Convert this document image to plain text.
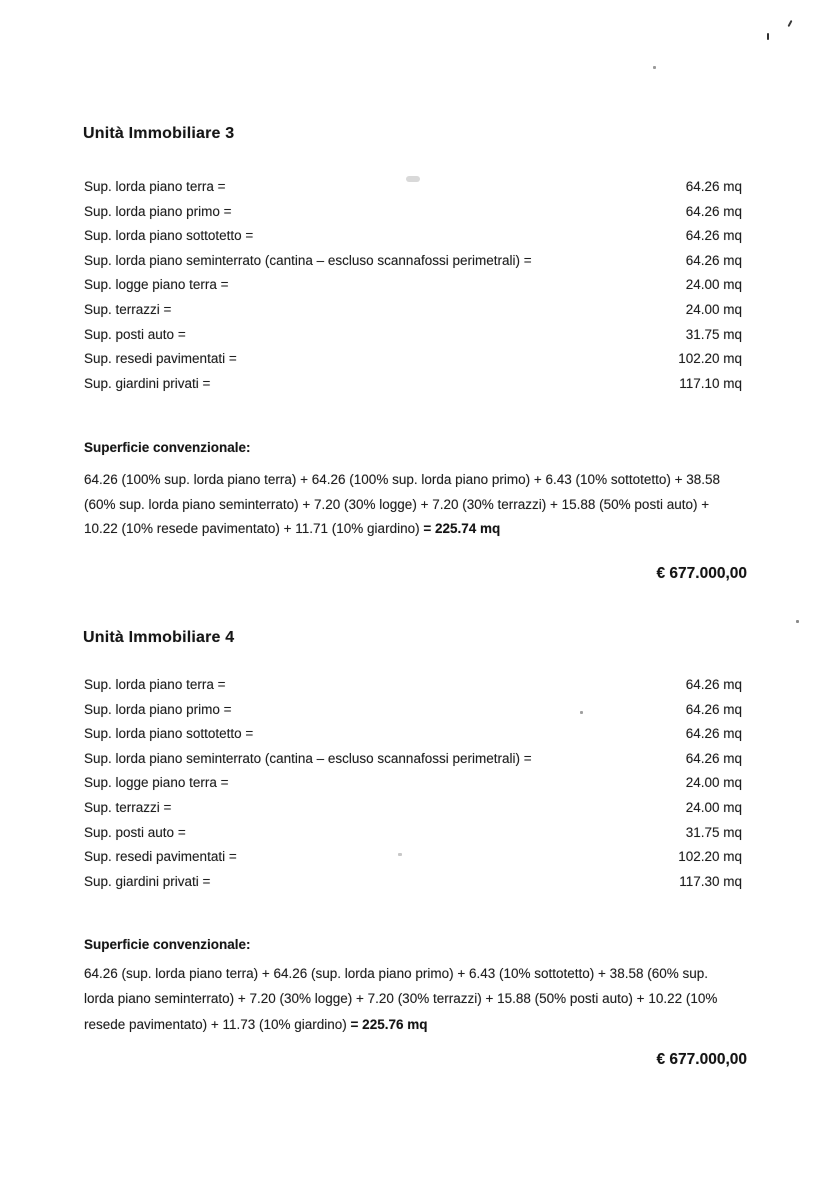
Unità Immobiliare 3
Sup. lorda piano terra =	64.26 mq
Sup. lorda piano primo =	64.26 mq
Sup. lorda piano sottotetto =	64.26 mq
Sup. lorda piano seminterrato (cantina – escluso scannafossi perimetrali) =	64.26 mq
Sup. logge piano terra =	24.00 mq
Sup. terrazzi =	24.00 mq
Sup. posti auto =	31.75 mq
Sup. resedi pavimentati =	102.20 mq
Sup. giardini privati =	117.10 mq
Superficie convenzionale:

64.26 (100% sup. lorda piano terra) + 64.26 (100% sup. lorda piano primo) + 6.43 (10% sottotetto) + 38.58
(60% sup. lorda piano seminterrato) + 7.20 (30% logge) + 7.20 (30% terrazzi) + 15.88 (50% posti auto) +
10.22 (10% resede pavimentato) + 11.71 (10% giardino) = 225.74 mq

€ 677.000,00
Unità Immobiliare 4
Sup. lorda piano terra =	64.26 mq
Sup. lorda piano primo =	64.26 mq
Sup. lorda piano sottotetto =	64.26 mq
Sup. lorda piano seminterrato (cantina – escluso scannafossi perimetrali) =	64.26 mq
Sup. logge piano terra =	24.00 mq
Sup. terrazzi =	24.00 mq
Sup. posti auto =	31.75 mq
Sup. resedi pavimentati =	102.20 mq
Sup. giardini privati =	117.30 mq
Superficie convenzionale:

64.26 (sup. lorda piano terra) + 64.26 (sup. lorda piano primo) + 6.43 (10% sottotetto) + 38.58 (60% sup.
lorda piano seminterrato) + 7.20 (30% logge) + 7.20 (30% terrazzi) + 15.88 (50% posti auto) + 10.22 (10%
resede pavimentato) + 11.73 (10% giardino) = 225.76 mq

€ 677.000,00
